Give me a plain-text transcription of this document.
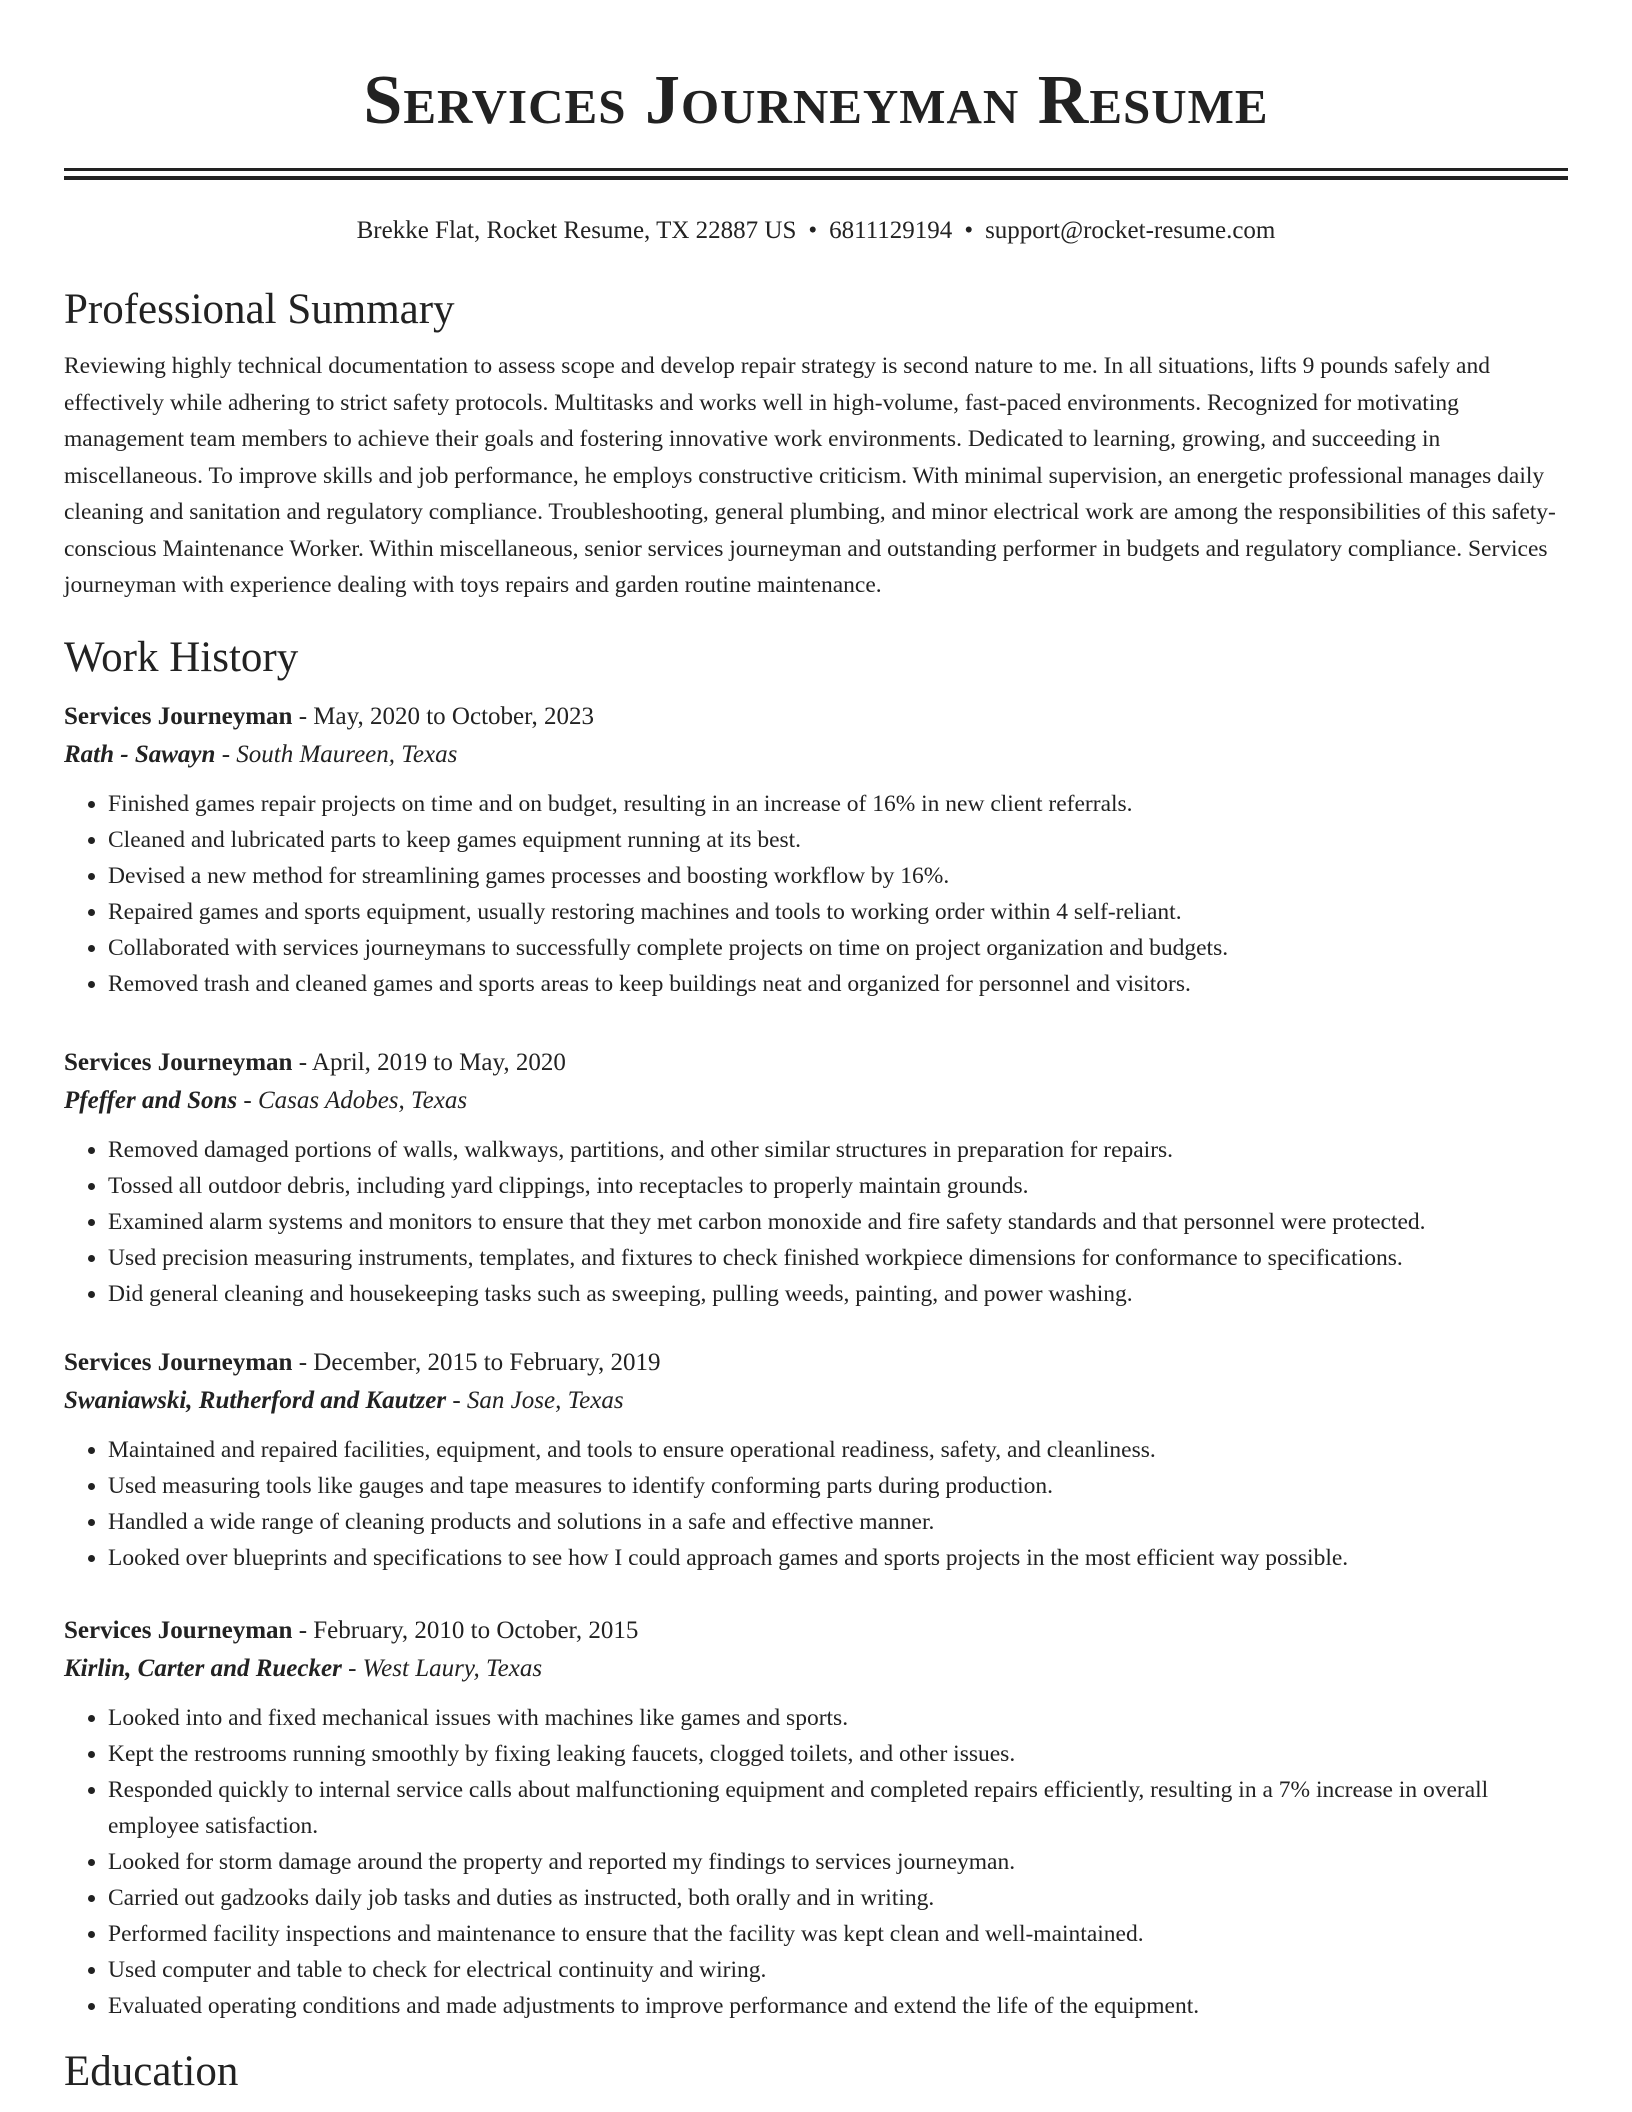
Services Journeyman Resume
Brekke Flat, Rocket Resume, TX 22887 US • 6811129194 • support@rocket-resume.com
Professional Summary

Reviewing highly technical documentation to assess scope and develop repair strategy is second nature to me. In all situations, lifts 9 pounds safely and effectively while adhering to strict safety protocols. Multitasks and works well in high-volume, fast-paced environments. Recognized for motivating management team members to achieve their goals and fostering innovative work environments. Dedicated to learning, growing, and succeeding in miscellaneous. To improve skills and job performance, he employs constructive criticism. With minimal supervision, an energetic professional manages daily cleaning and sanitation and regulatory compliance. Troubleshooting, general plumbing, and minor electrical work are among the responsibilities of this safety-conscious Maintenance Worker. Within miscellaneous, senior services journeyman and outstanding performer in budgets and regulatory compliance. Services journeyman with experience dealing with toys repairs and garden routine maintenance.

Work History
Services Journeyman - May, 2020 to October, 2023
Rath - Sawayn - South Maureen, Texas
• Finished games repair projects on time and on budget, resulting in an increase of 16% in new client referrals.
• Cleaned and lubricated parts to keep games equipment running at its best.
• Devised a new method for streamlining games processes and boosting workflow by 16%.
• Repaired games and sports equipment, usually restoring machines and tools to working order within 4 self-reliant.
• Collaborated with services journeymans to successfully complete projects on time on project organization and budgets.
• Removed trash and cleaned games and sports areas to keep buildings neat and organized for personnel and visitors.
Services Journeyman - April, 2019 to May, 2020
Pfeffer and Sons - Casas Adobes, Texas
• Removed damaged portions of walls, walkways, partitions, and other similar structures in preparation for repairs.
• Tossed all outdoor debris, including yard clippings, into receptacles to properly maintain grounds.
• Examined alarm systems and monitors to ensure that they met carbon monoxide and fire safety standards and that personnel were protected.
• Used precision measuring instruments, templates, and fixtures to check finished workpiece dimensions for conformance to specifications.
• Did general cleaning and housekeeping tasks such as sweeping, pulling weeds, painting, and power washing.
Services Journeyman - December, 2015 to February, 2019
Swaniawski, Rutherford and Kautzer - San Jose, Texas
• Maintained and repaired facilities, equipment, and tools to ensure operational readiness, safety, and cleanliness.
• Used measuring tools like gauges and tape measures to identify conforming parts during production.
• Handled a wide range of cleaning products and solutions in a safe and effective manner.
• Looked over blueprints and specifications to see how I could approach games and sports projects in the most efficient way possible.
Services Journeyman - February, 2010 to October, 2015
Kirlin, Carter and Ruecker - West Laury, Texas
• Looked into and fixed mechanical issues with machines like games and sports.
• Kept the restrooms running smoothly by fixing leaking faucets, clogged toilets, and other issues.
• Responded quickly to internal service calls about malfunctioning equipment and completed repairs efficiently, resulting in a 7% increase in overall employee satisfaction.
• Looked for storm damage around the property and reported my findings to services journeyman.
• Carried out gadzooks daily job tasks and duties as instructed, both orally and in writing.
• Performed facility inspections and maintenance to ensure that the facility was kept clean and well-maintained.
• Used computer and table to check for electrical continuity and wiring.
• Evaluated operating conditions and made adjustments to improve performance and extend the life of the equipment.
Education
